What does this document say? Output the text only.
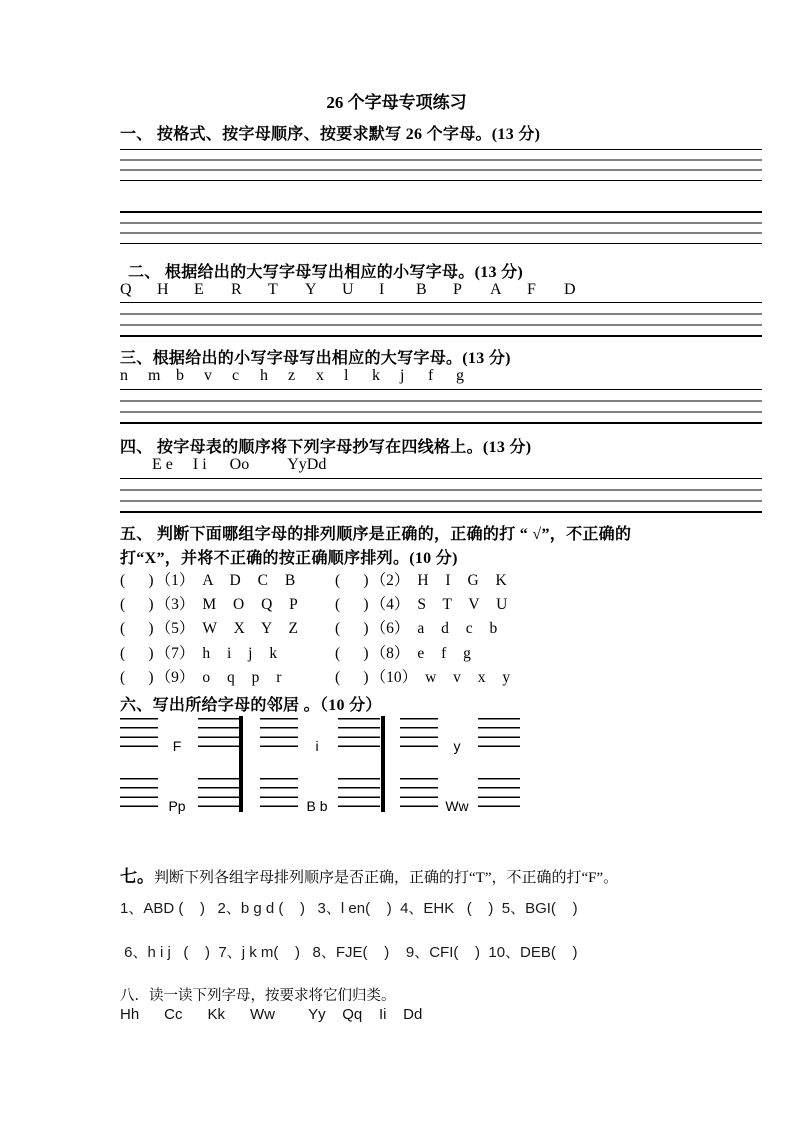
26 个字母专项练习
一、 按格式、按字母顺序、按要求默写 26 个字母。(13 分)
二、 根据给出的大写字母写出相应的小写字母。(13 分)
Q	H	E	R	T	Y	U	I	B	P	A	F	D
三、根据给出的小写字母写出相应的大写字母。(13 分)
n	m b	v	c	h	z	x	l	k	j	f	g
四、 按字母表的顺序将下列字母抄写在四线格上。(13 分)
E e I i Oo Yy Dd
五、 判断下面哪组字母的排列顺序是正确的，正确的打 “ √”，不正确的
打“X”，并将不正确的按正确顺序排列。(10 分)
(      ) （1） A D C B	(      ) （2） H I G K
(      ) （3） M O Q P	(      ) （4） S T V U
(      ) （5） W X Y Z	(      ) （6） a d c b
(      ) （7） h i j k	(      ) （8） e f g
(      ) （9） o q p r	(      ) （10） w v x y
六、写出所给字母的邻居 。（10 分）
F	i	y
Pp	B b	Ww
七。判断下列各组字母排列顺序是否正确，正确的打“T”，不正确的打“F”。
1、ABD (    )   2、b g d (    )   3、l en(    )  4、EHK   (    )  5、BGI(    )
6、h i j   (    )  7、j k m(    )   8、FJE(    )    9、CFI(    )  10、DEB(    )
八．读一读下列字母，按要求将它们归类。
Hh      Cc      Kk      Ww        Yy    Qq    Ii    Dd
